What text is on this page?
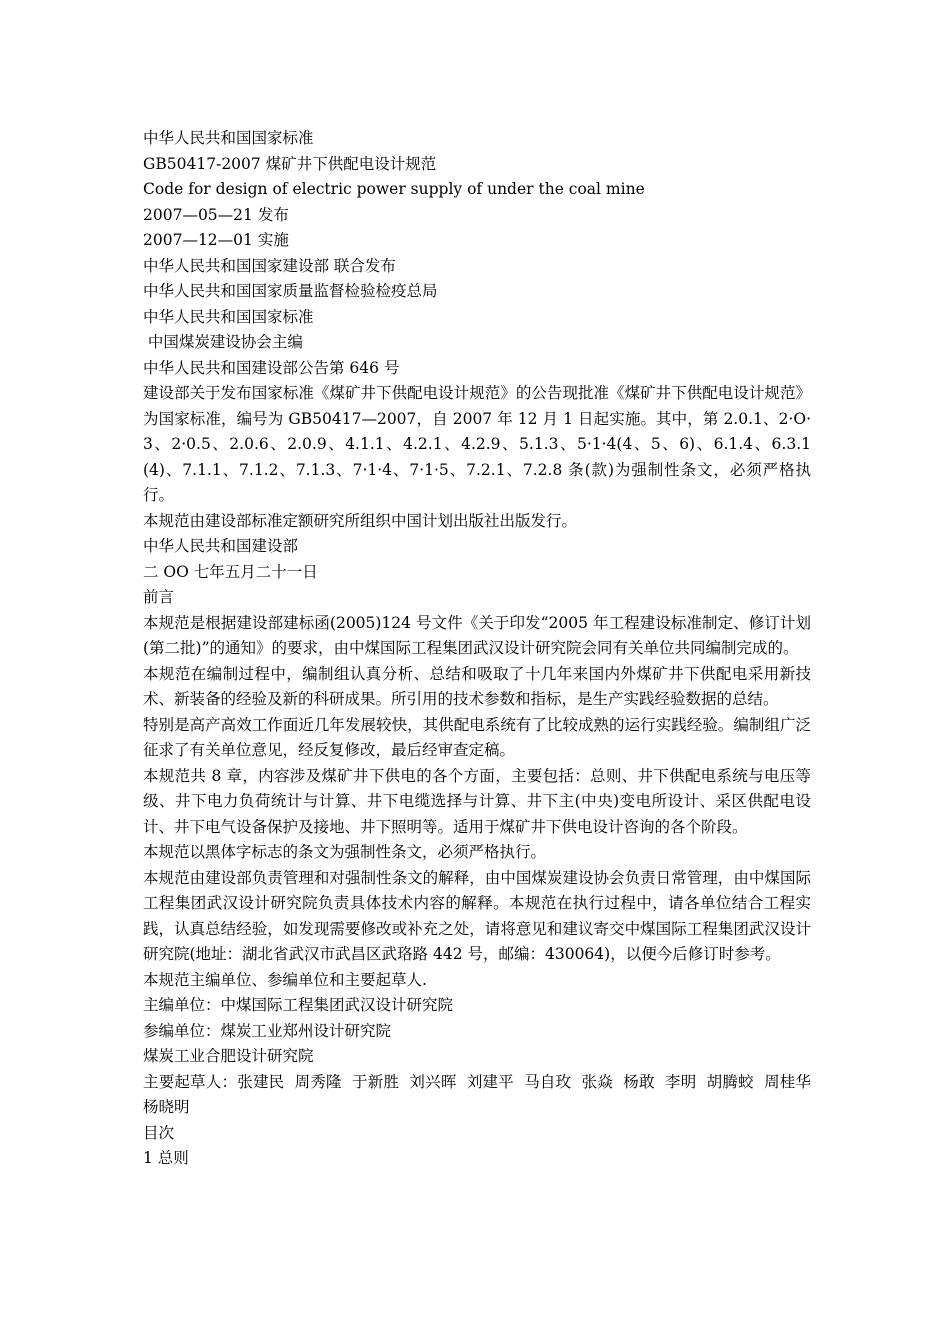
中华人民共和国国家标准
GB50417-2007 煤矿井下供配电设计规范
Code for design of electric power supply of under the coal mine
2007—05—21 发布
2007—12—01 实施
中华人民共和国国家建设部 联合发布
中华人民共和国国家质量监督检验检疫总局
中华人民共和国国家标准
中国煤炭建设协会主编
中华人民共和国建设部公告第 646 号
建设部关于发布国家标准《煤矿井下供配电设计规范》的公告现批准《煤矿井下供配电设计规范》为国家标准，编号为 GB50417—2007，自 2007 年 12 月 1 日起实施。其中，第 2.0.1、2·O·3、2·0.5、2.0.6、2.0.9、4.1.1、4.2.1、4.2.9、5.1.3、5·1·4(4、5、6)、6.1.4、6.3.1(4)、7.1.1、7.1.2、7.1.3、7·1·4、7·1·5、7.2.1、7.2.8 条(款)为强制性条文，必须严格执行。
本规范由建设部标准定额研究所组织中国计划出版社出版发行。
中华人民共和国建设部
二 OO 七年五月二十一日
前言
本规范是根据建设部建标函(2005)124 号文件《关于印发“2005 年工程建设标准制定、修订计划(第二批)”的通知》的要求，由中煤国际工程集团武汉设计研究院会同有关单位共同编制完成的。
本规范在编制过程中，编制组认真分析、总结和吸取了十几年来国内外煤矿井下供配电采用新技术、新装备的经验及新的科研成果。所引用的技术参数和指标，是生产实践经验数据的总结。
特别是高产高效工作面近几年发展较快，其供配电系统有了比较成熟的运行实践经验。编制组广泛征求了有关单位意见，经反复修改，最后经审查定稿。
本规范共 8 章，内容涉及煤矿井下供电的各个方面，主要包括：总则、井下供配电系统与电压等级、井下电力负荷统计与计算、井下电缆选择与计算、井下主(中央)变电所设计、采区供配电设计、井下电气设备保护及接地、井下照明等。适用于煤矿井下供电设计咨询的各个阶段。
本规范以黑体字标志的条文为强制性条文，必须严格执行。
本规范由建设部负责管理和对强制性条文的解释，由中国煤炭建设协会负责日常管理，由中煤国际工程集团武汉设计研究院负责具体技术内容的解释。本规范在执行过程中，请各单位结合工程实践，认真总结经验，如发现需要修改或补充之处，请将意见和建议寄交中煤国际工程集团武汉设计研究院(地址：湖北省武汉市武昌区武珞路 442 号，邮编：430064)，以便今后修订时参考。
本规范主编单位、参编单位和主要起草人.
主编单位：中煤国际工程集团武汉设计研究院
参编单位：煤炭工业郑州设计研究院
煤炭工业合肥设计研究院
主要起草人：张建民  周秀隆  于新胜  刘兴晖  刘建平  马自玫  张焱  杨敢  李明  胡腾蛟  周桂华  杨晓明
目次
1 总则
